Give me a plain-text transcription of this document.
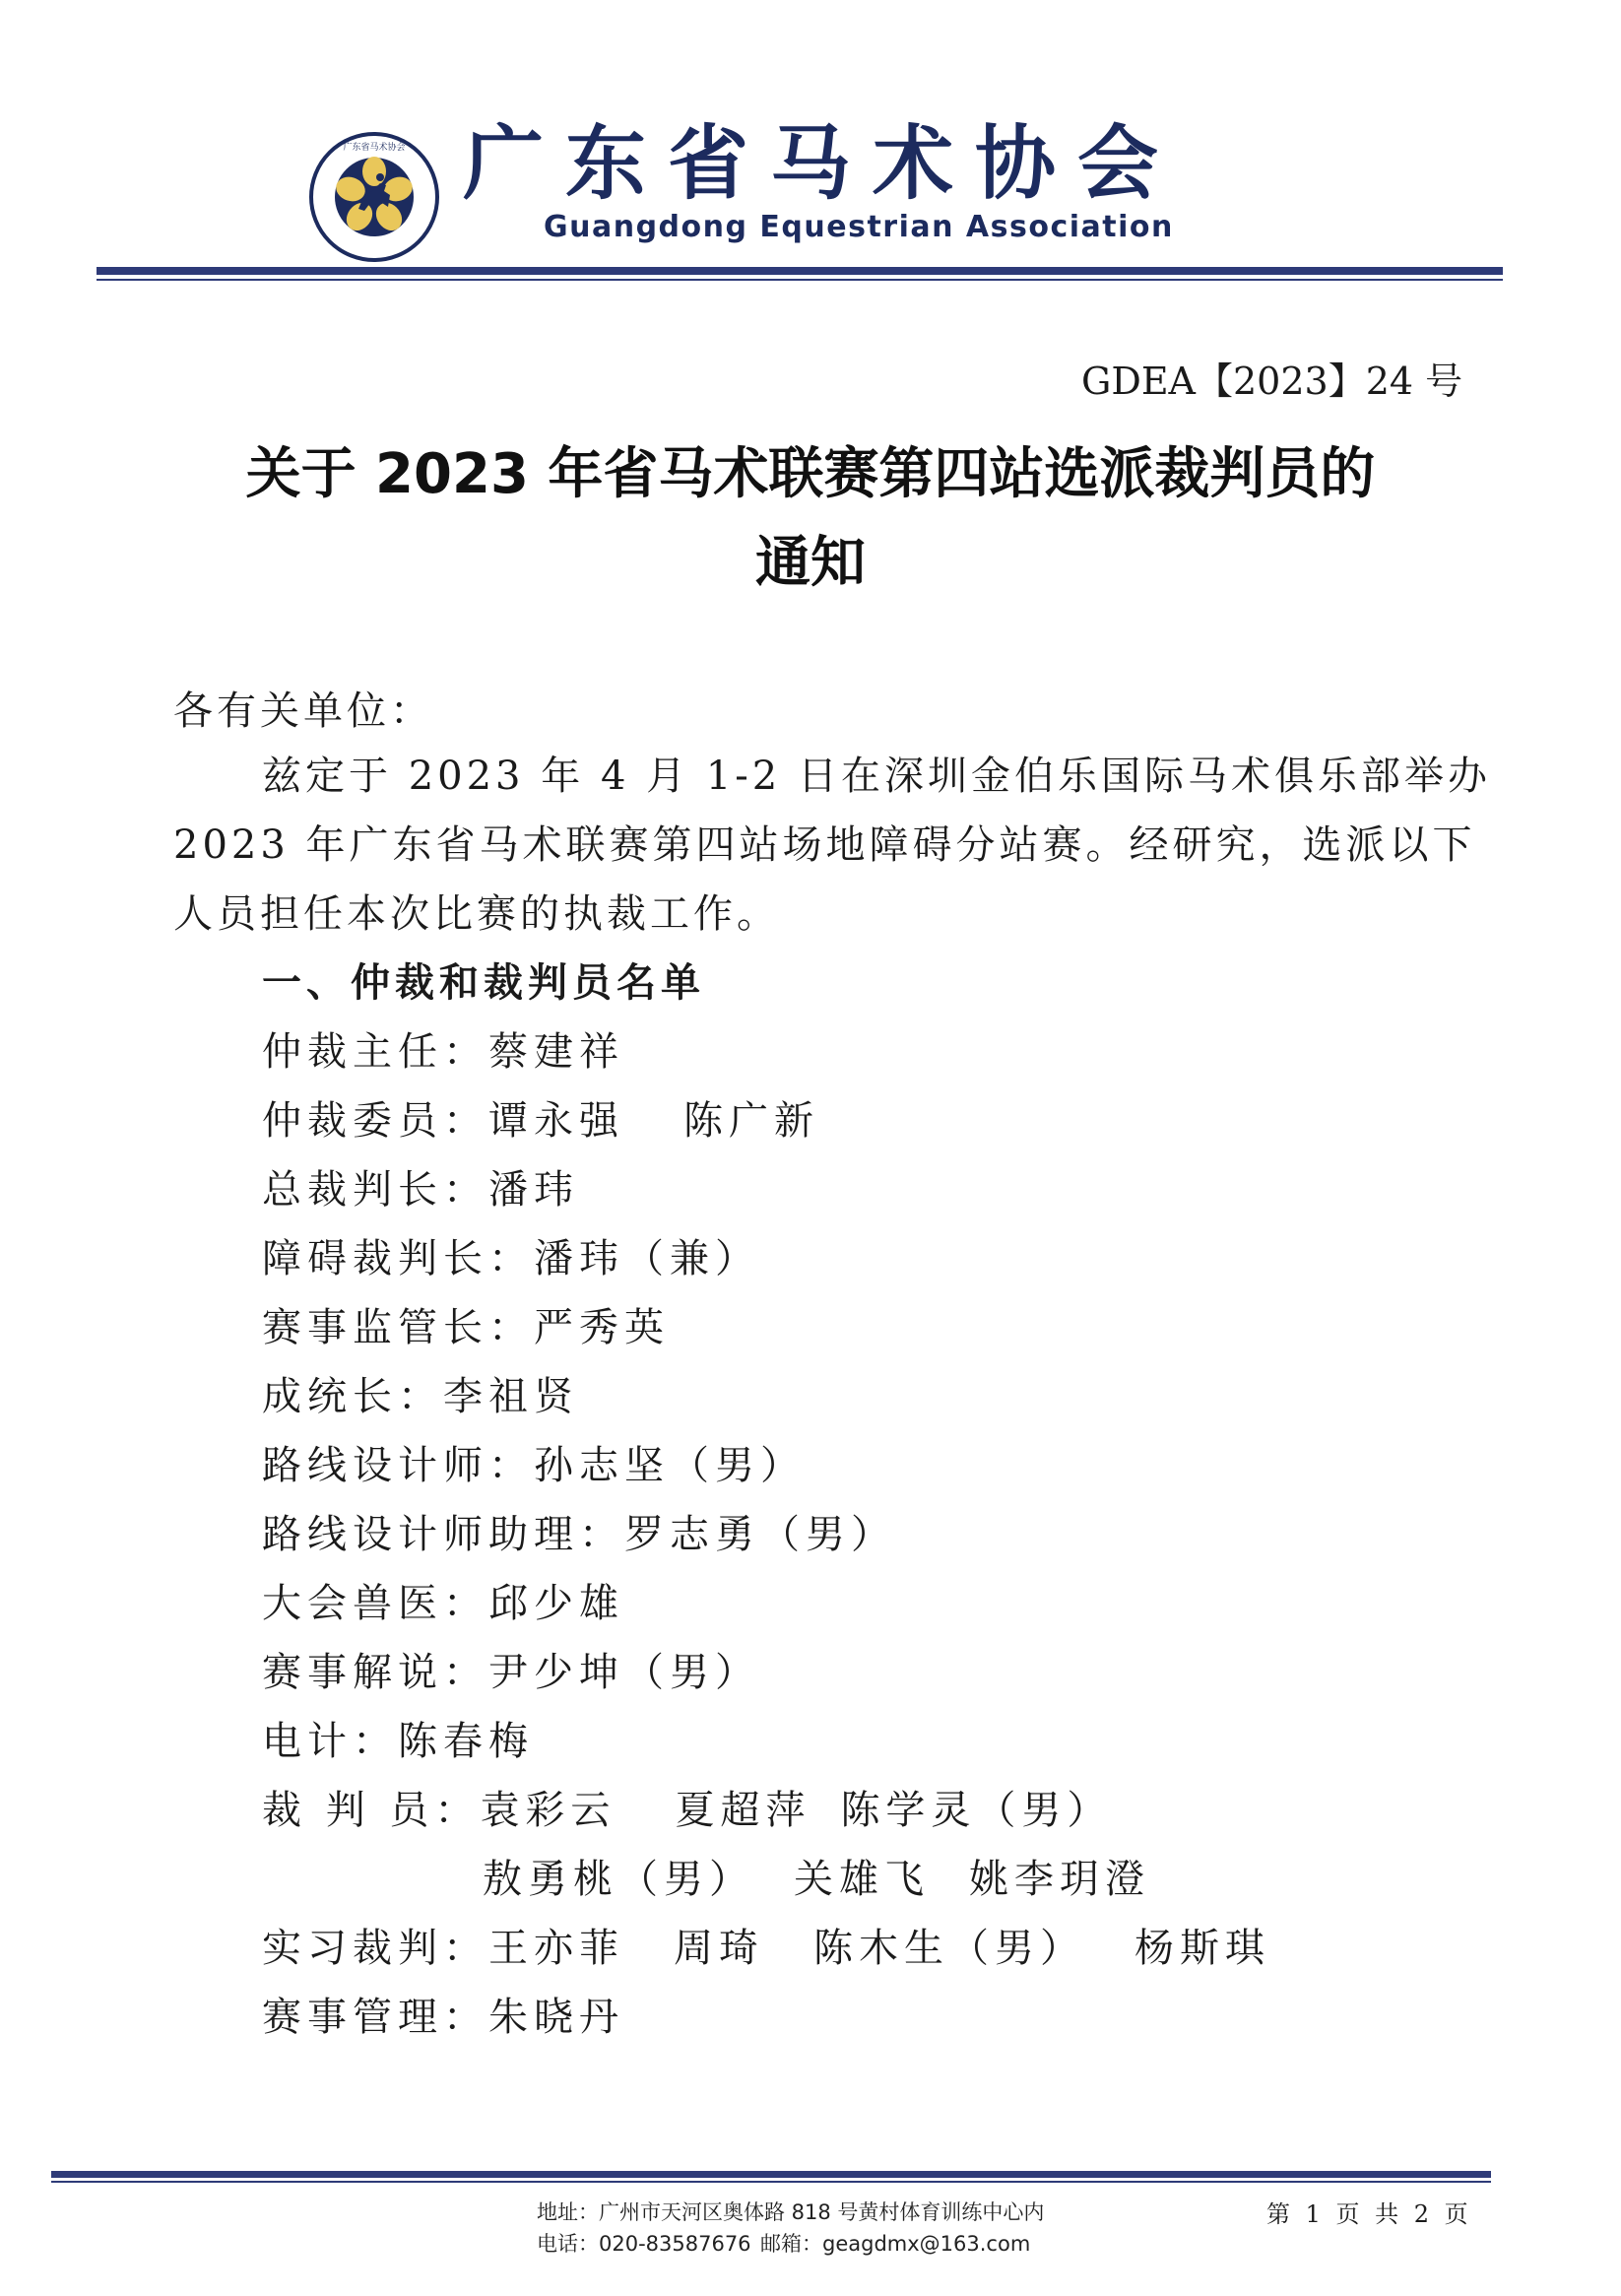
广东省马术协会 广东省马术协会
Guangdong Equestrian Association
GDEA【2023】24 号
关于 2023 年省马术联赛第四站选派裁判员的
通知
各有关单位：
兹定于 2023 年 4 月 1-2 日在深圳金伯乐国际马术俱乐部举办
2023 年广东省马术联赛第四站场地障碍分站赛。经研究，选派以下
人员担任本次比赛的执裁工作。
一、仲裁和裁判员名单
仲裁主任：蔡建祥
仲裁委员：谭永强 陈广新
总裁判长：潘玮
障碍裁判长：潘玮（兼）
赛事监管长：严秀英
成统长：李祖贤
路线设计师：孙志坚（男）
路线设计师助理：罗志勇（男）
大会兽医：邱少雄
赛事解说：尹少坤（男）
电计：陈春梅
裁 判 员：袁彩云 夏超萍 陈学灵（男）
敖勇桃（男） 关雄飞 姚李玥澄
实习裁判：王亦菲 周琦 陈木生（男） 杨斯琪
赛事管理：朱晓丹
地址：广州市天河区奥体路 818 号黄村体育训练中心内
电话：020-83587676 邮箱：geagdmx@163.com
第 1 页 共 2 页
